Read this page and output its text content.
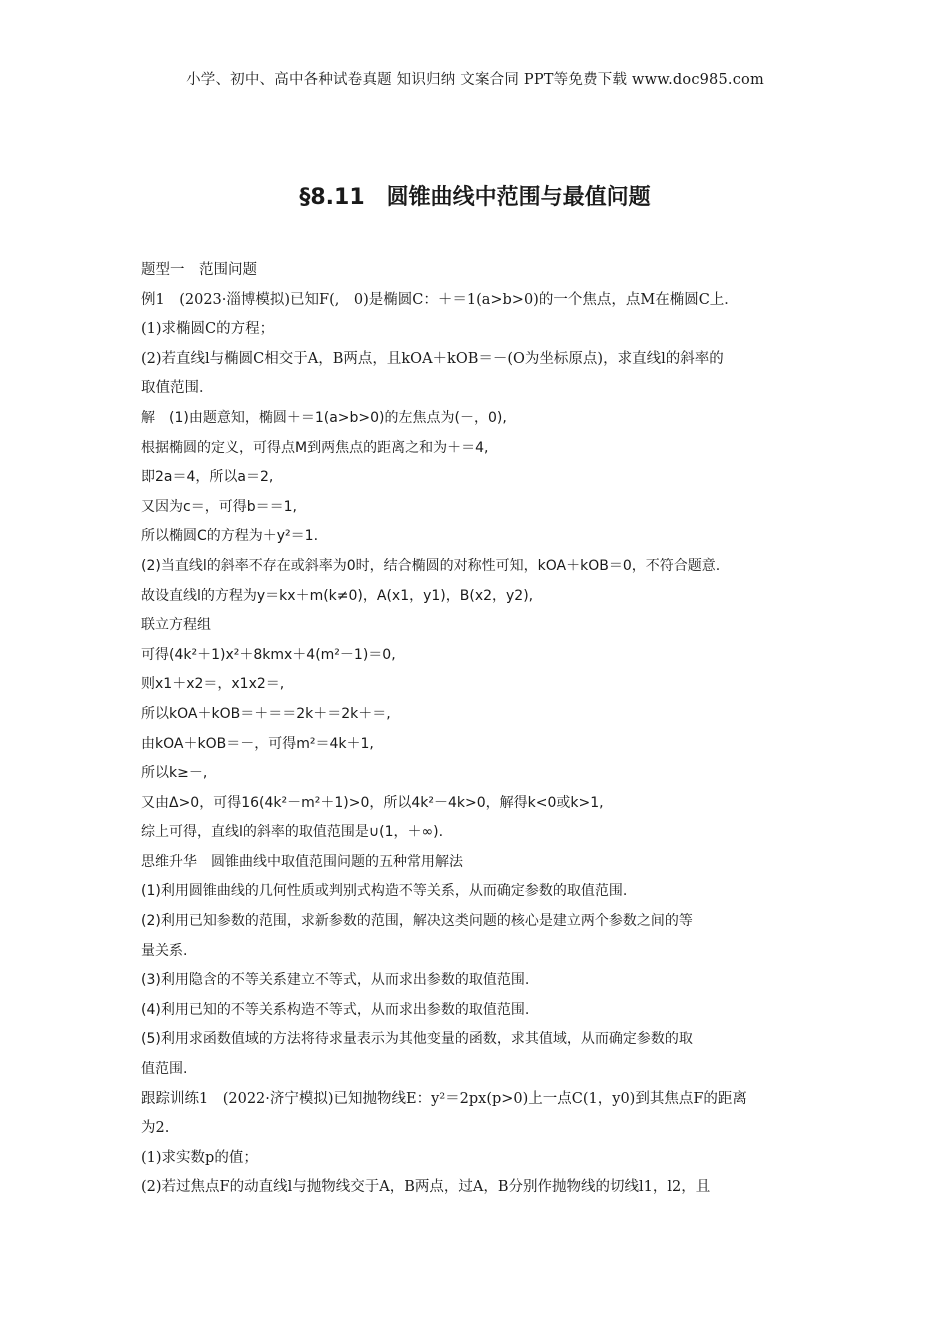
小学、初中、高中各种试卷真题 知识归纳 文案合同 PPT等免费下载 www.doc985.com
§8.11　圆锥曲线中范围与最值问题
题型一　范围问题
例1　(2023·淄博模拟)已知F(,　0)是椭圆C：＋＝1(a>b>0)的一个焦点，点M在椭圆C上．
(1)求椭圆C的方程；
(2)若直线l与椭圆C相交于A，B两点，且kOA＋kOB＝－(O为坐标原点)，求直线l的斜率的
取值范围．
解　(1)由题意知，椭圆＋＝1(a>b>0)的左焦点为(－，0),
根据椭圆的定义，可得点M到两焦点的距离之和为＋＝4,
即2a＝4，所以a＝2,
又因为c＝，可得b＝＝1,
所以椭圆C的方程为＋y²＝1.
(2)当直线l的斜率不存在或斜率为0时，结合椭圆的对称性可知，kOA＋kOB＝0，不符合题意.
故设直线l的方程为y＝kx＋m(k≠0)，A(x1，y1)，B(x2，y2),
联立方程组
可得(4k²＋1)x²＋8kmx＋4(m²－1)＝0,
则x1＋x2＝，x1x2＝,
所以kOA＋kOB＝＋＝＝2k＋＝2k＋＝,
由kOA＋kOB＝－，可得m²＝4k＋1,
所以k≥－,
又由Δ>0，可得16(4k²－m²＋1)>0，所以4k²－4k>0，解得k<0或k>1,
综上可得，直线l的斜率的取值范围是∪(1，＋∞).
思维升华　圆锥曲线中取值范围问题的五种常用解法
(1)利用圆锥曲线的几何性质或判别式构造不等关系，从而确定参数的取值范围.
(2)利用已知参数的范围，求新参数的范围，解决这类问题的核心是建立两个参数之间的等
量关系.
(3)利用隐含的不等关系建立不等式，从而求出参数的取值范围.
(4)利用已知的不等关系构造不等式，从而求出参数的取值范围.
(5)利用求函数值域的方法将待求量表示为其他变量的函数，求其值域，从而确定参数的取
值范围.
跟踪训练1　(2022·济宁模拟)已知抛物线E：y²＝2px(p>0)上一点C(1，y0)到其焦点F的距离
为2.
(1)求实数p的值；
(2)若过焦点F的动直线l与抛物线交于A，B两点，过A，B分别作抛物线的切线l1，l2，且
